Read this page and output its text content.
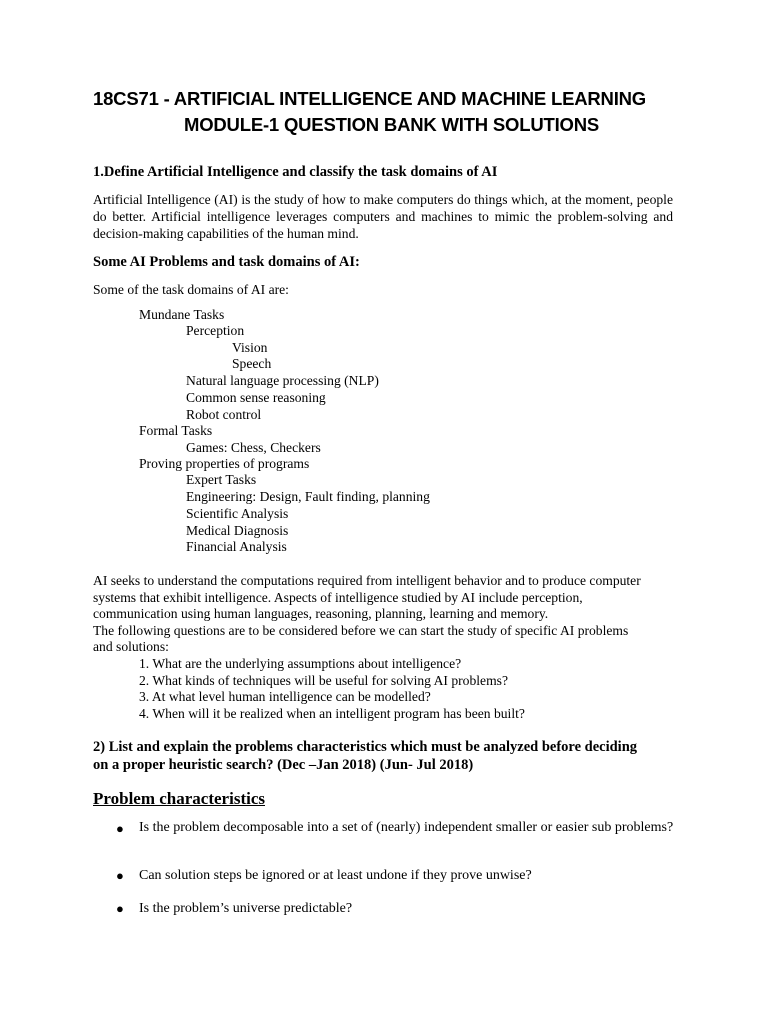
18CS71 - ARTIFICIAL INTELLIGENCE AND MACHINE LEARNING
MODULE-1 QUESTION BANK WITH SOLUTIONS
1.Define Artificial Intelligence and classify the task domains of AI
Artificial Intelligence (AI) is the study of how to make computers do things which, at the moment, people do better. Artificial intelligence leverages computers and machines to mimic the problem-solving and decision-making capabilities of the human mind.
Some AI Problems and task domains of AI:
Some of the task domains of AI are:
Mundane Tasks
Perception
Vision
Speech
Natural language processing (NLP)
Common sense reasoning
Robot control
Formal Tasks
Games: Chess, Checkers
Proving properties of programs
Expert Tasks
Engineering: Design, Fault finding, planning
Scientific Analysis
Medical Diagnosis
Financial Analysis
AI seeks to understand the computations required from intelligent behavior and to produce computer
systems that exhibit intelligence. Aspects of intelligence studied by AI include perception,
communication using human languages, reasoning, planning, learning and memory.
The following questions are to be considered before we can start the study of specific AI problems
and solutions:
1. What are the underlying assumptions about intelligence?
2. What kinds of techniques will be useful for solving AI problems?
3. At what level human intelligence can be modelled?
4. When will it be realized when an intelligent program has been built?
2) List and explain the problems characteristics which must be analyzed before deciding
on a proper heuristic search? (Dec –Jan 2018) (Jun- Jul 2018)
Problem characteristics
● Is the problem decomposable into a set of (nearly) independent smaller or easier sub problems?
● Can solution steps be ignored or at least undone if they prove unwise?
● Is the problem’s universe predictable?
